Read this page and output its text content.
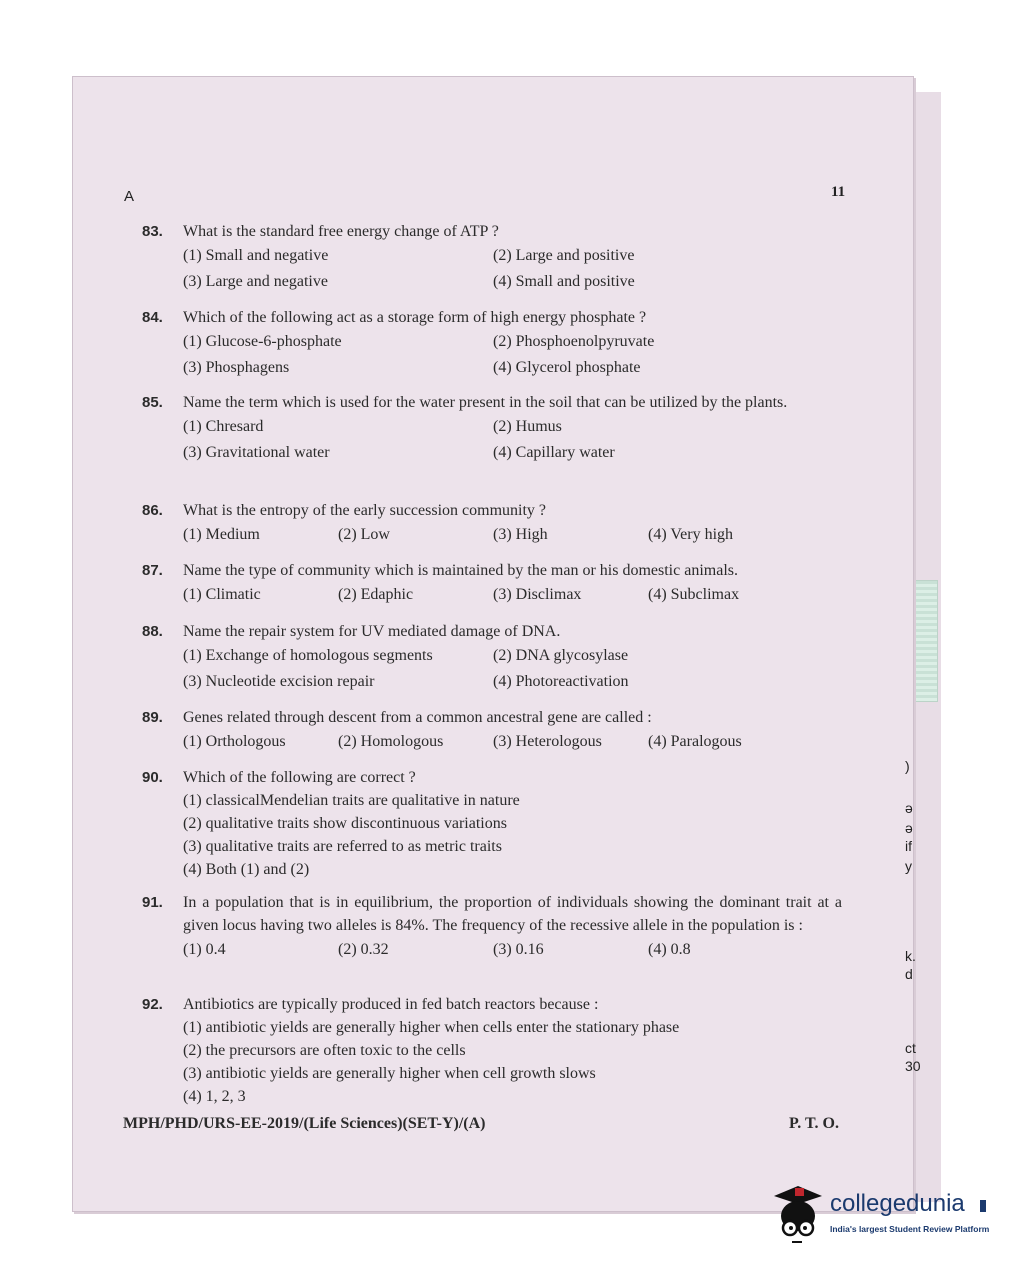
)
ə
ə
if
y
k.
d
ct
30
A	11
83. What is the standard free energy change of ATP ?
(1) Small and negative	(2) Large and positive
(3) Large and negative	(4) Small and positive
84. Which of the following act as a storage form of high energy phosphate ?
(1) Glucose-6-phosphate	(2) Phosphoenolpyruvate
(3) Phosphagens	(4) Glycerol phosphate
85. Name the term which is used for the water present in the soil that can be utilized by the plants.
(1) Chresard	(2) Humus
(3) Gravitational water	(4) Capillary water
86. What is the entropy of the early succession community ?
(1) Medium	(2) Low	(3) High	(4) Very high
87. Name the type of community which is maintained by the man or his domestic animals.
(1) Climatic	(2) Edaphic	(3) Disclimax	(4) Subclimax
88. Name the repair system for UV mediated damage of DNA.
(1) Exchange of homologous segments	(2) DNA glycosylase
(3) Nucleotide excision repair	(4) Photoreactivation
89. Genes related through descent from a common ancestral gene are called :
(1) Orthologous	(2) Homologous	(3) Heterologous	(4) Paralogous
90. Which of the following are correct ?
(1) classicalMendelian traits are qualitative in nature
(2) qualitative traits show discontinuous variations
(3) qualitative traits are referred to as metric traits
(4) Both (1) and (2)
91. In a population that is in equilibrium, the proportion of individuals showing the dominant trait at a given locus having two alleles is 84%. The frequency of the recessive allele in the population is :
(1) 0.4	(2) 0.32	(3) 0.16	(4) 0.8
92. Antibiotics are typically produced in fed batch reactors because :
(1) antibiotic yields are generally higher when cells enter the stationary phase
(2) the precursors are often toxic to the cells
(3) antibiotic yields are generally higher when cell growth slows
(4) 1, 2, 3
MPH/PHD/URS-EE-2019/(Life Sciences)(SET-Y)/(A)	P. T. O.
collegedunia
India's largest Student Review Platform
